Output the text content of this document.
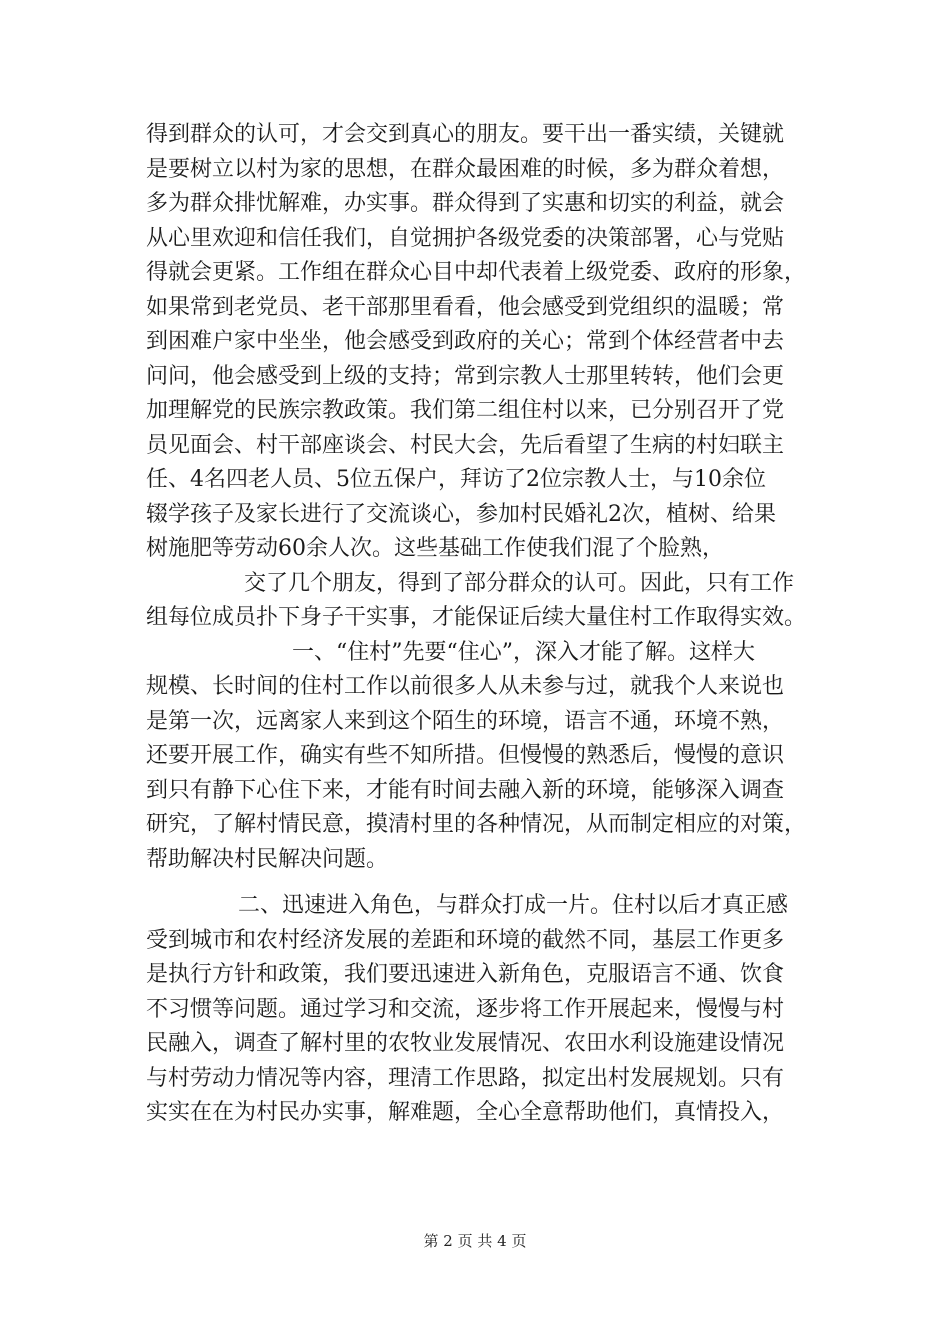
得到群众的认可，才会交到真心的朋友。要干出一番实绩，关键就
是要树立以村为家的思想，在群众最困难的时候，多为群众着想，
多为群众排忧解难，办实事。群众得到了实惠和切实的利益，就会
从心里欢迎和信任我们，自觉拥护各级党委的决策部署，心与党贴
得就会更紧。工作组在群众心目中却代表着上级党委、政府的形象，
如果常到老党员、老干部那里看看，他会感受到党组织的温暖；常
到困难户家中坐坐，他会感受到政府的关心；常到个体经营者中去
问问，他会感受到上级的支持；常到宗教人士那里转转，他们会更
加理解党的民族宗教政策。我们第二组住村以来，已分别召开了党
员见面会、村干部座谈会、村民大会，先后看望了生病的村妇联主
任、4名四老人员、5位五保户，拜访了2位宗教人士，与10余位
辍学孩子及家长进行了交流谈心，参加村民婚礼2次，植树、给果
树施肥等劳动60余人次。这些基础工作使我们混了个脸熟，
交了几个朋友，得到了部分群众的认可。因此，只有工作
组每位成员扑下身子干实事，才能保证后续大量住村工作取得实效。
一、“住村”先要“住心”，深入才能了解。这样大
规模、长时间的住村工作以前很多人从未参与过，就我个人来说也
是第一次，远离家人来到这个陌生的环境，语言不通，环境不熟，
还要开展工作，确实有些不知所措。但慢慢的熟悉后，慢慢的意识
到只有静下心住下来，才能有时间去融入新的环境，能够深入调查
研究，了解村情民意，摸清村里的各种情况，从而制定相应的对策，
帮助解决村民解决问题。
二、迅速进入角色，与群众打成一片。住村以后才真正感
受到城市和农村经济发展的差距和环境的截然不同，基层工作更多
是执行方针和政策，我们要迅速进入新角色，克服语言不通、饮食
不习惯等问题。通过学习和交流，逐步将工作开展起来，慢慢与村
民融入，调查了解村里的农牧业发展情况、农田水利设施建设情况
与村劳动力情况等内容，理清工作思路，拟定出村发展规划。只有
实实在在为村民办实事，解难题，全心全意帮助他们，真情投入，
第 2 页 共 4 页
